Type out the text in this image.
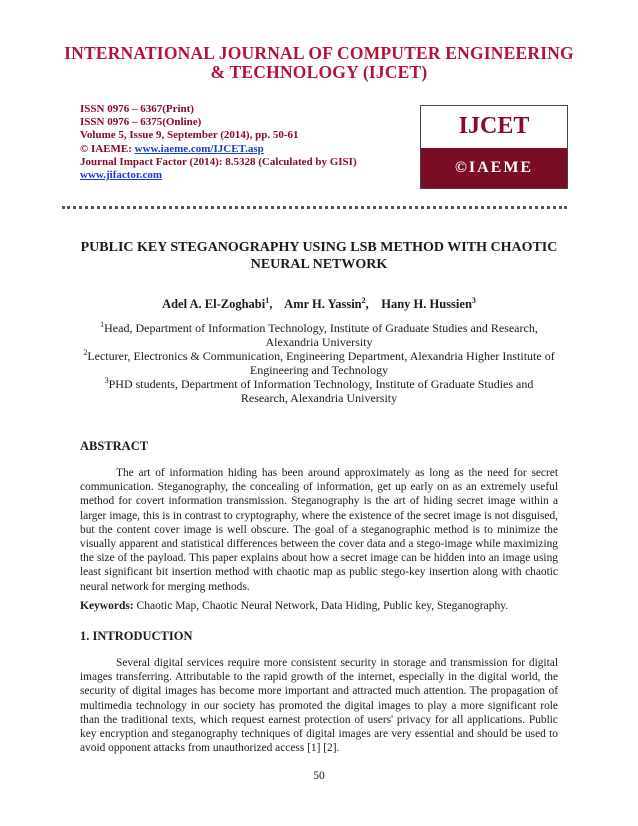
INTERNATIONAL JOURNAL OF COMPUTER ENGINEERING & TECHNOLOGY (IJCET)
ISSN 0976 – 6367(Print)
ISSN 0976 – 6375(Online)
Volume 5, Issue 9, September (2014), pp. 50-61
© IAEME: www.iaeme.com/IJCET.asp
Journal Impact Factor (2014): 8.5328 (Calculated by GISI)
www.jifactor.com
IJCET
©IAEME
PUBLIC KEY STEGANOGRAPHY USING LSB METHOD WITH CHAOTIC NEURAL NETWORK
Adel A. El-Zoghabi$^1$,    Amr H. Yassin$^2$,    Hany H. Hussien$^3$
$^1$Head, Department of Information Technology, Institute of Graduate Studies and Research, Alexandria University
$^2$Lecturer, Electronics & Communication, Engineering Department, Alexandria Higher Institute of Engineering and Technology
$^3$PHD students, Department of Information Technology, Institute of Graduate Studies and Research, Alexandria University
ABSTRACT

The art of information hiding has been around approximately as long as the need for secret communication. Steganography, the concealing of information, get up early on as an extremely useful method for covert information transmission. Steganography is the art of hiding secret image within a larger image, this is in contrast to cryptography, where the existence of the secret image is not disguised, but the content cover image is well obscure. The goal of a steganographic method is to minimize the visually apparent and statistical differences between the cover data and a stego-image while maximizing the size of the payload. This paper explains about how a secret image can be hidden into an image using least significant bit insertion method with chaotic map as public stego-key insertion along with chaotic neural network for merging methods.

Keywords: Chaotic Map, Chaotic Neural Network, Data Hiding, Public key, Steganography.
1. INTRODUCTION

Several digital services require more consistent security in storage and transmission for digital images transferring. Attributable to the rapid growth of the internet, especially in the digital world, the security of digital images has become more important and attracted much attention. The propagation of multimedia technology in our society has promoted the digital images to play a more significant role than the traditional texts, which request earnest protection of users' privacy for all applications. Public key encryption and steganography techniques of digital images are very essential and should be used to avoid opponent attacks from unauthorized access [1] [2].

50
